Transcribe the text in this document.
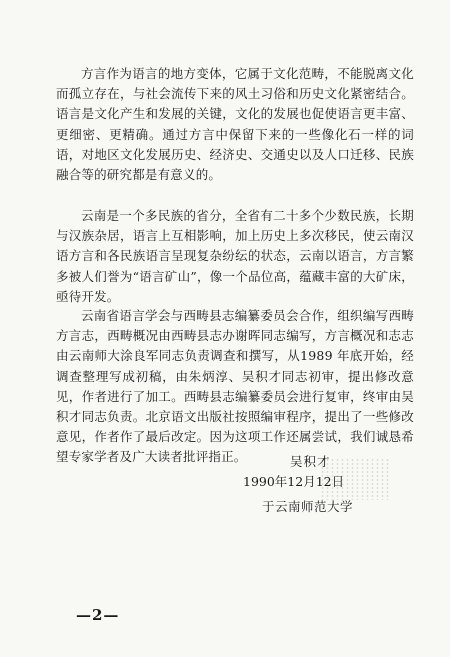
方言作为语言的地方变体，它属于文化范畴，不能脱离文化而孤立存在，与社会流传下来的风土习俗和历史文化紧密结合。语言是文化产生和发展的关键，文化的发展也促使语言更丰富、更细密、更精确。通过方言中保留下来的一些像化石一样的词语，对地区文化发展历史、经济史、交通史以及人口迁移、民族融合等的研究都是有意义的。

云南是一个多民族的省分，全省有二十多个少数民族，长期与汉族杂居，语言上互相影响，加上历史上多次移民，使云南汉语方言和各民族语言呈现复杂纷纭的状态，云南以语言，方言繁多被人们誉为“语言矿山”，像一个品位高，蕴藏丰富的大矿床，亟待开发。

云南省语言学会与西畴县志编纂委员会合作，组织编写西畴方言志，西畴概况由西畴县志办谢晖同志编写，方言概况和志志由云南师大涂良军同志负责调查和撰写，从1989 年底开始，经调查整理写成初稿，由朱炳淳、吴积才同志初审，提出修改意见，作者进行了加工。西畴县志编纂委员会进行复审，终审由吴积才同志负责。北京语文出版社按照编审程序，提出了一些修改意见，作者作了最后改定。因为这项工作还属尝试，我们诚恳希望专家学者及广大读者批评指正。	吴积才

1990年12月12日

于云南师范大学

—2—
